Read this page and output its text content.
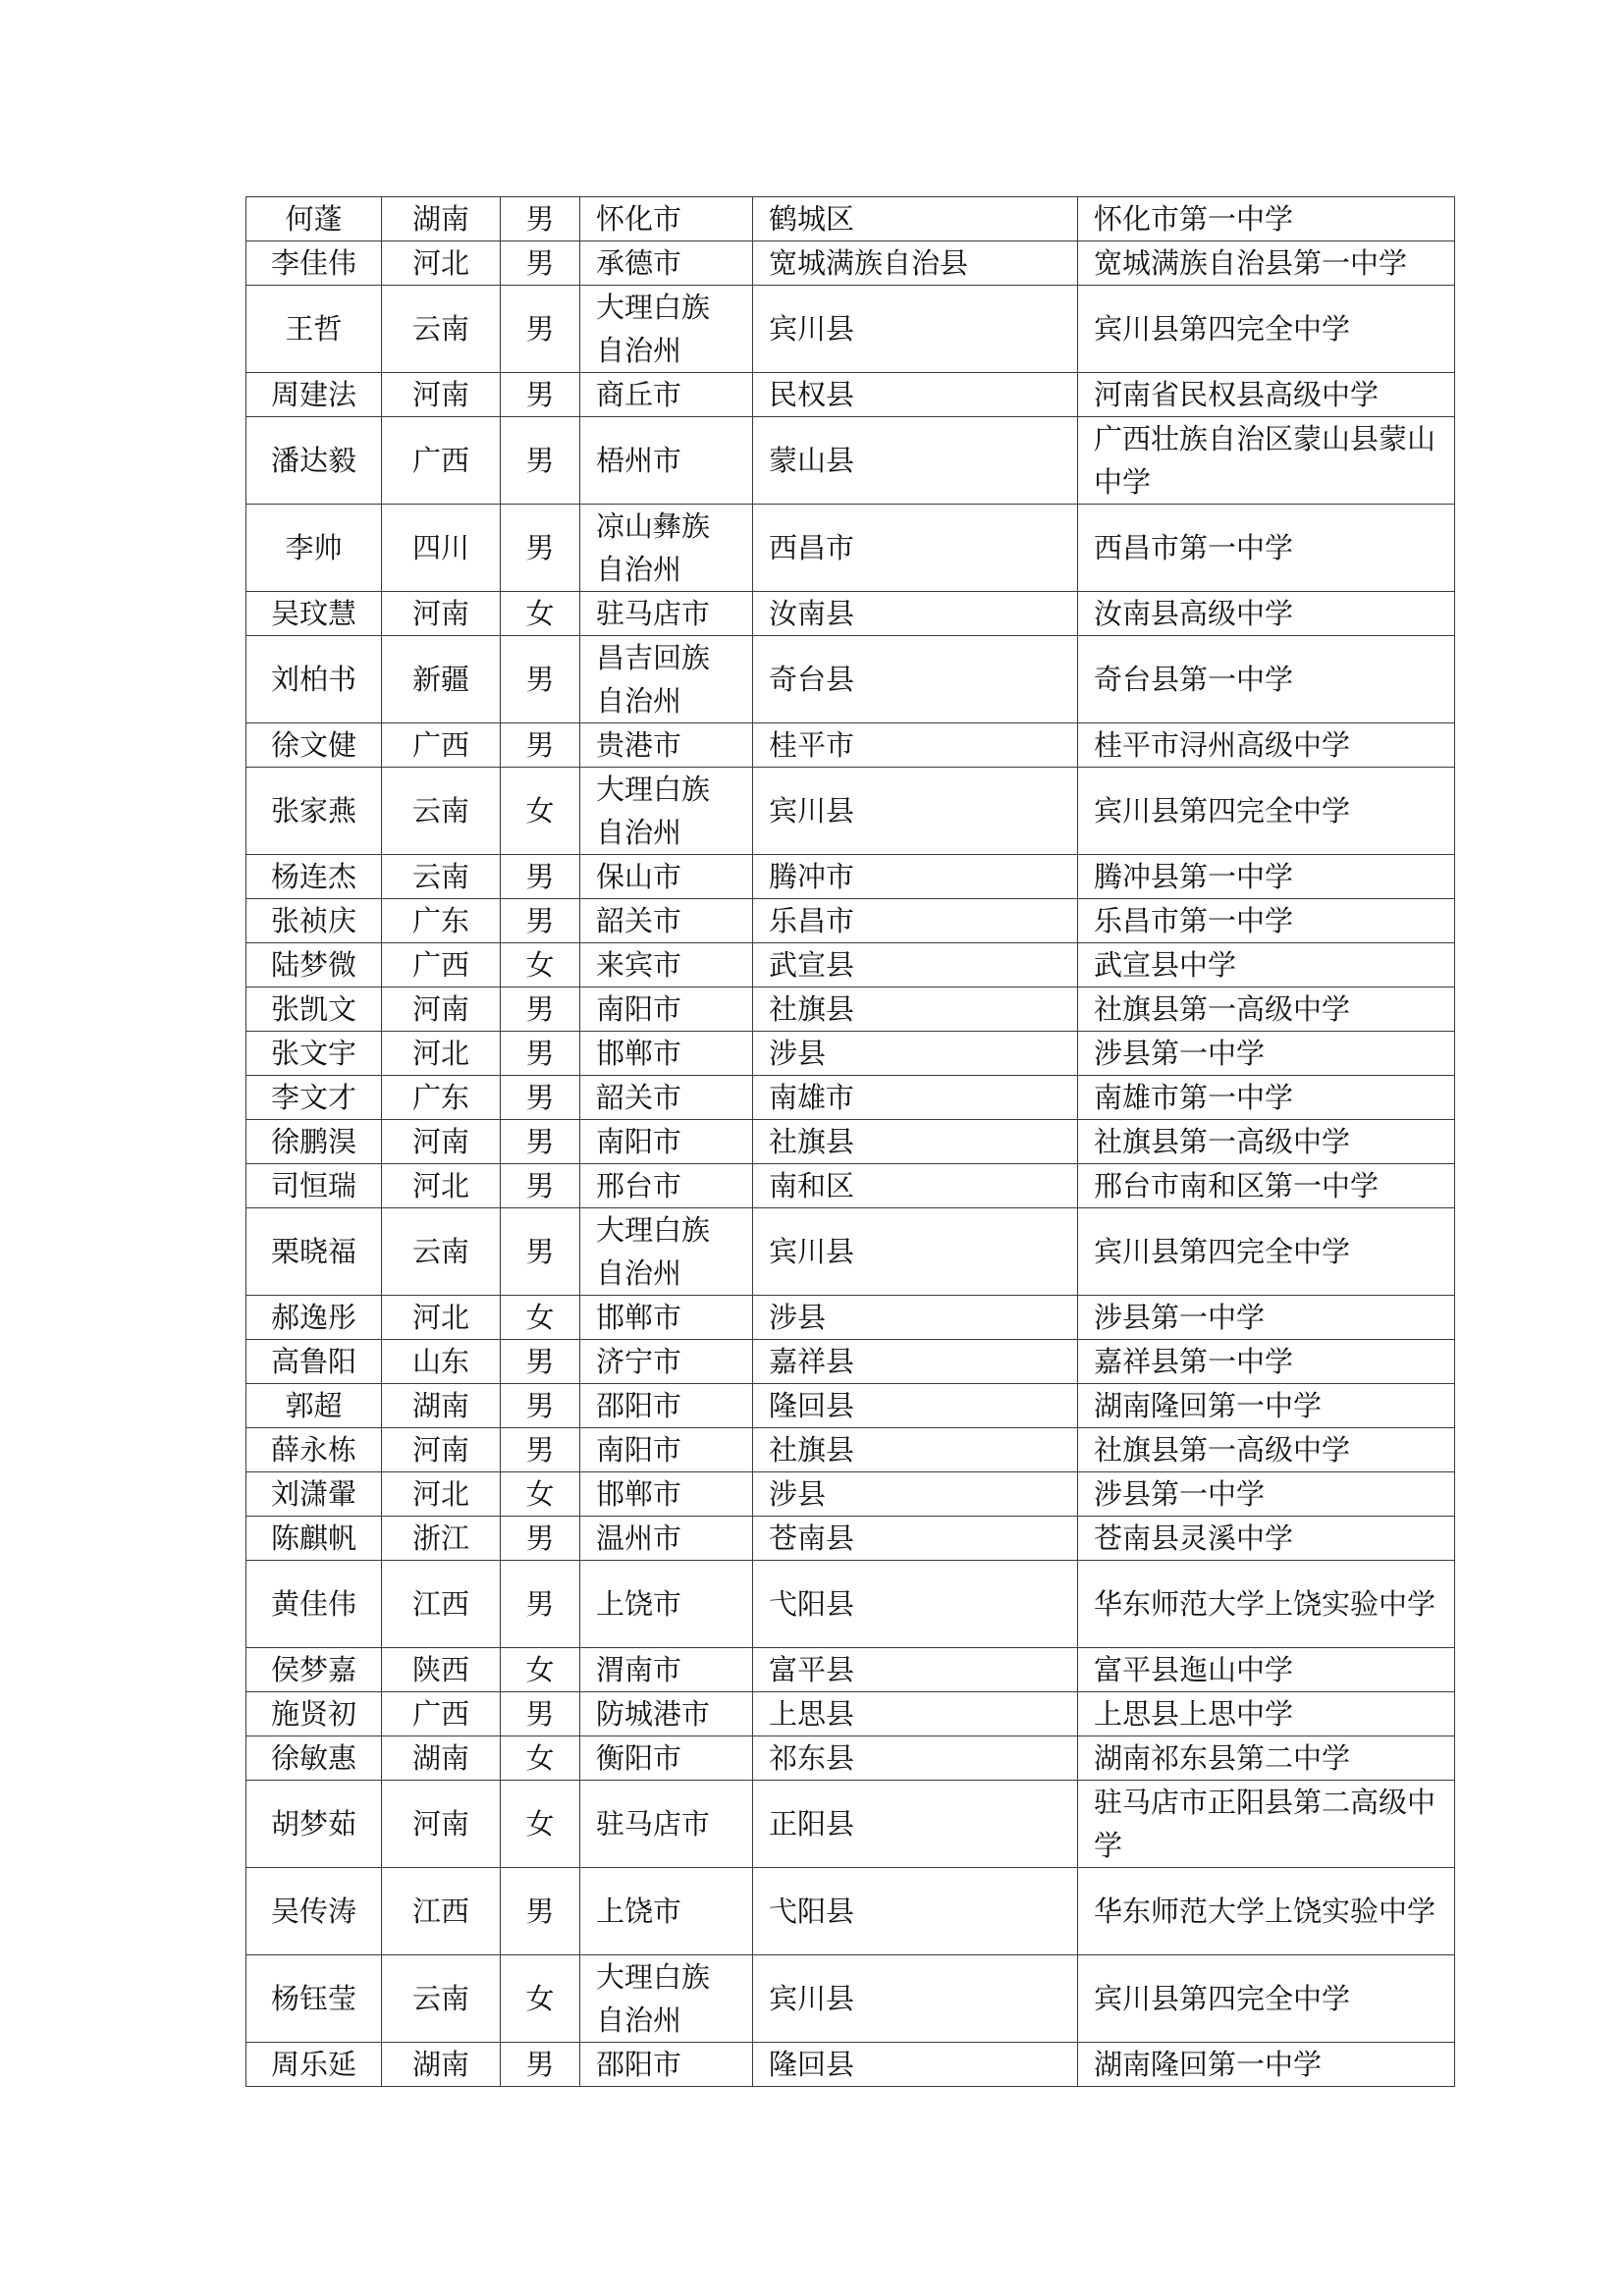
何蓬	湖南	男	怀化市	鹤城区	怀化市第一中学
李佳伟	河北	男	承德市	宽城满族自治县	宽城满族自治县第一中学
王哲	云南	男	大理白族自治州	宾川县	宾川县第四完全中学
周建法	河南	男	商丘市	民权县	河南省民权县高级中学
潘达毅	广西	男	梧州市	蒙山县	广西壮族自治区蒙山县蒙山中学
李帅	四川	男	凉山彝族自治州	西昌市	西昌市第一中学
吴玟慧	河南	女	驻马店市	汝南县	汝南县高级中学
刘柏书	新疆	男	昌吉回族自治州	奇台县	奇台县第一中学
徐文健	广西	男	贵港市	桂平市	桂平市浔州高级中学
张家燕	云南	女	大理白族自治州	宾川县	宾川县第四完全中学
杨连杰	云南	男	保山市	腾冲市	腾冲县第一中学
张祯庆	广东	男	韶关市	乐昌市	乐昌市第一中学
陆梦微	广西	女	来宾市	武宣县	武宣县中学
张凯文	河南	男	南阳市	社旗县	社旗县第一高级中学
张文宇	河北	男	邯郸市	涉县	涉县第一中学
李文才	广东	男	韶关市	南雄市	南雄市第一中学
徐鹏淏	河南	男	南阳市	社旗县	社旗县第一高级中学
司恒瑞	河北	男	邢台市	南和区	邢台市南和区第一中学
栗晓福	云南	男	大理白族自治州	宾川县	宾川县第四完全中学
郝逸彤	河北	女	邯郸市	涉县	涉县第一中学
高鲁阳	山东	男	济宁市	嘉祥县	嘉祥县第一中学
郭超	湖南	男	邵阳市	隆回县	湖南隆回第一中学
薛永栋	河南	男	南阳市	社旗县	社旗县第一高级中学
刘潇翬	河北	女	邯郸市	涉县	涉县第一中学
陈麒帆	浙江	男	温州市	苍南县	苍南县灵溪中学
黄佳伟	江西	男	上饶市	弋阳县	华东师范大学上饶实验中学
侯梦嘉	陕西	女	渭南市	富平县	富平县迤山中学
施贤初	广西	男	防城港市	上思县	上思县上思中学
徐敏惠	湖南	女	衡阳市	祁东县	湖南祁东县第二中学
胡梦茹	河南	女	驻马店市	正阳县	驻马店市正阳县第二高级中学
吴传涛	江西	男	上饶市	弋阳县	华东师范大学上饶实验中学
杨钰莹	云南	女	大理白族自治州	宾川县	宾川县第四完全中学
周乐延	湖南	男	邵阳市	隆回县	湖南隆回第一中学
